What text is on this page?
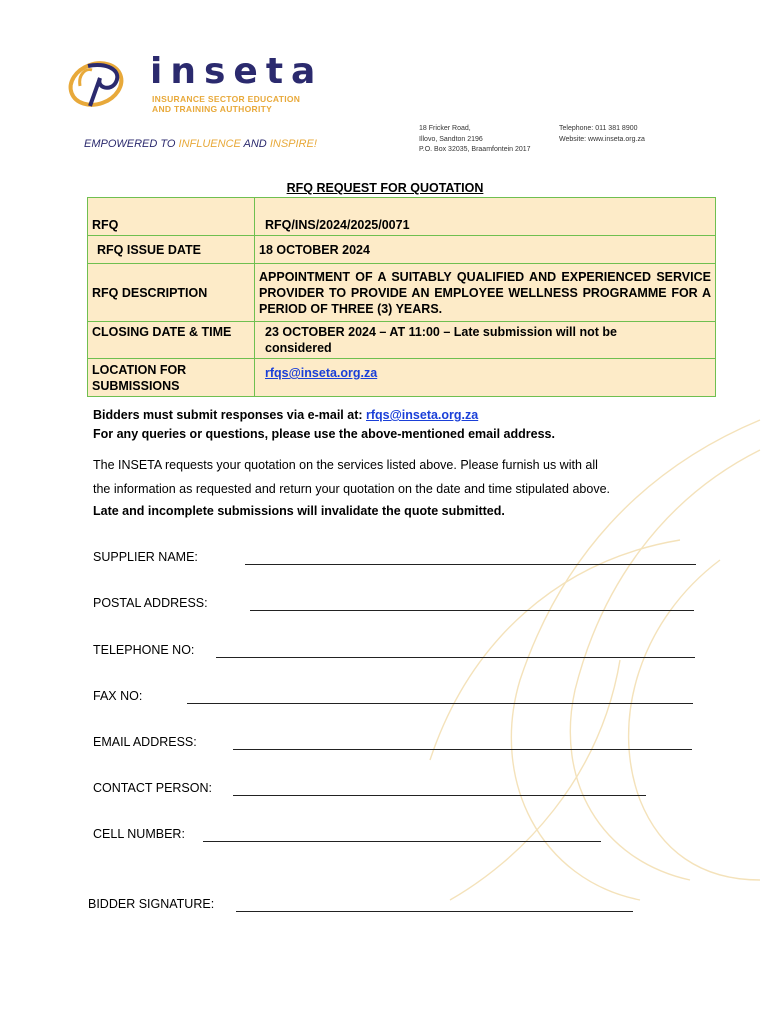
inseta
INSURANCE SECTOR EDUCATION
AND TRAINING AUTHORITY
EMPOWERED TO INFLUENCE AND INSPIRE!
18 Fricker Road,
Illovo, Sandton 2196
P.O. Box 32035, Braamfontein 2017
Telephone: 011 381 8900
Website: www.inseta.org.za
RFQ REQUEST FOR QUOTATION
RFQ	RFQ/INS/2024/2025/0071
RFQ ISSUE DATE	18 OCTOBER 2024
RFQ DESCRIPTION	APPOINTMENT OF A SUITABLY QUALIFIED AND EXPERIENCED SERVICE PROVIDER TO PROVIDE AN EMPLOYEE WELLNESS PROGRAMME FOR A PERIOD OF THREE (3) YEARS.
CLOSING DATE & TIME	23 OCTOBER 2024 – AT 11:00 – Late submission will not be
considered

LOCATION FOR
SUBMISSIONS	rfqs@inseta.org.za
Bidders must submit responses via e-mail at: rfqs@inseta.org.za
For any queries or questions, please use the above-mentioned email address.
The INSETA requests your quotation on the services listed above. Please furnish us with all
the information as requested and return your quotation on the date and time stipulated above.
Late and incomplete submissions will invalidate the quote submitted.
SUPPLIER NAME:
POSTAL ADDRESS:
TELEPHONE NO:
FAX NO:
EMAIL ADDRESS:
CONTACT PERSON:
CELL NUMBER:
BIDDER SIGNATURE:
